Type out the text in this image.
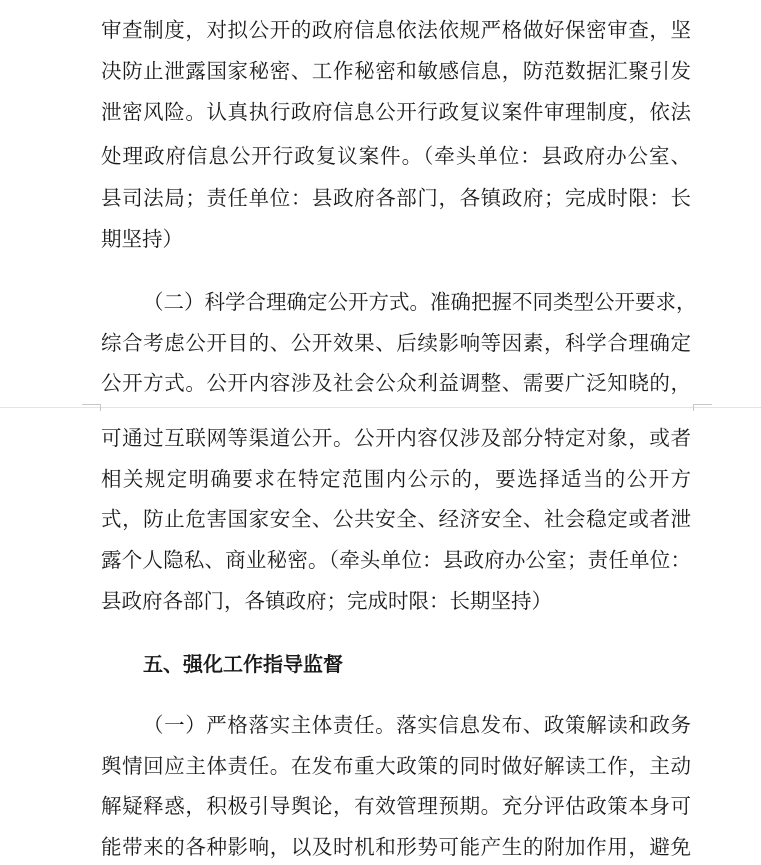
审查制度，对拟公开的政府信息依法依规严格做好保密审查，坚
决防止泄露国家秘密、工作秘密和敏感信息，防范数据汇聚引发
泄密风险。认真执行政府信息公开行政复议案件审理制度，依法
处理政府信息公开行政复议案件。（牵头单位：县政府办公室、
县司法局；责任单位：县政府各部门，各镇政府；完成时限：长
期坚持）
（二）科学合理确定公开方式。准确把握不同类型公开要求，
综合考虑公开目的、公开效果、后续影响等因素，科学合理确定
公开方式。公开内容涉及社会公众利益调整、需要广泛知晓的，
可通过互联网等渠道公开。公开内容仅涉及部分特定对象，或者
相关规定明确要求在特定范围内公示的，要选择适当的公开方
式，防止危害国家安全、公共安全、经济安全、社会稳定或者泄
露个人隐私、商业秘密。（牵头单位：县政府办公室；责任单位：
县政府各部门，各镇政府；完成时限：长期坚持）
五、强化工作指导监督
（一）严格落实主体责任。落实信息发布、政策解读和政务
舆情回应主体责任。在发布重大政策的同时做好解读工作，主动
解疑释惑，积极引导舆论，有效管理预期。充分评估政策本身可
能带来的各种影响，以及时机和形势可能产生的附加作用，避免
